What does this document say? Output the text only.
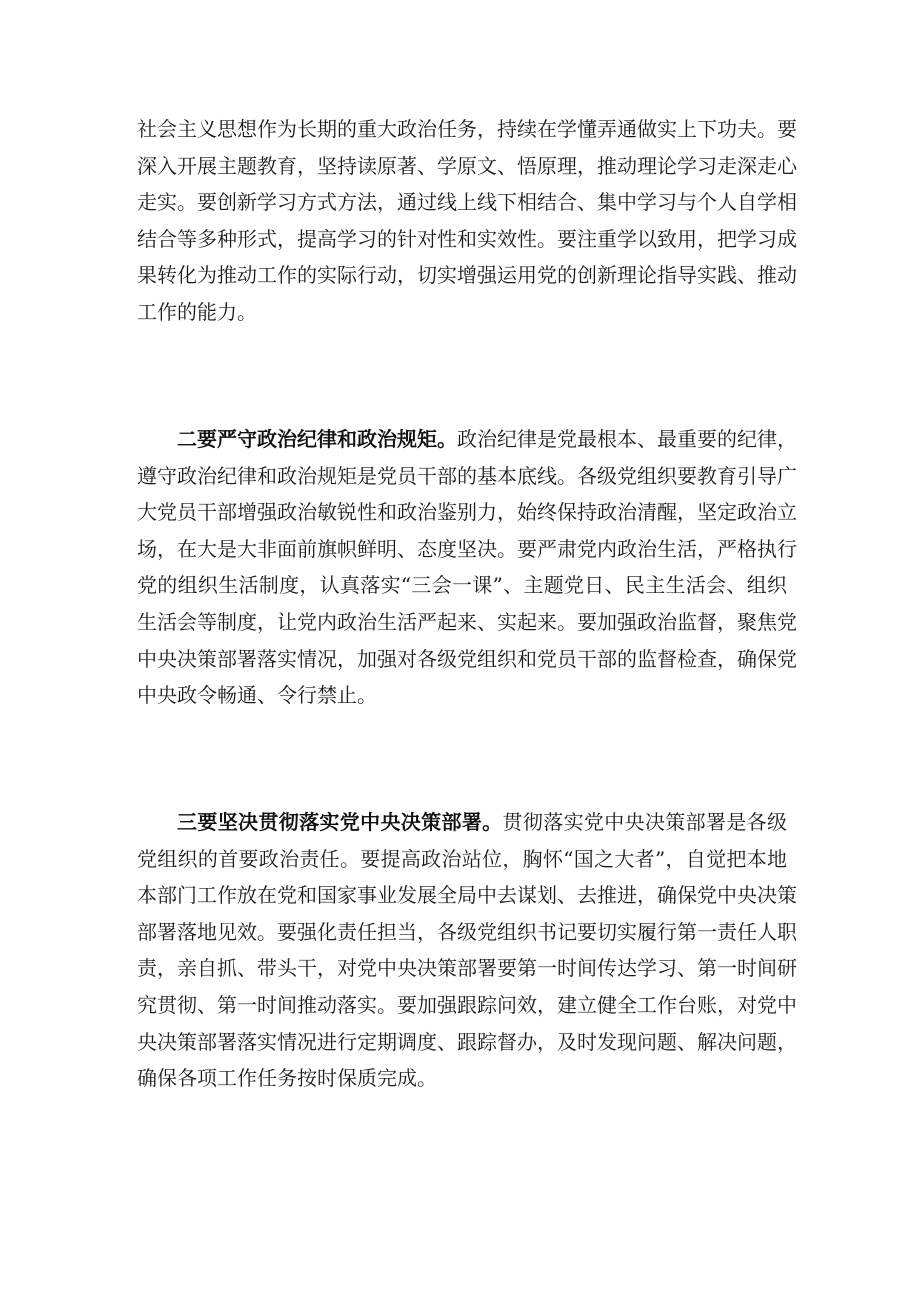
社会主义思想作为长期的重大政治任务，持续在学懂弄通做实上下功夫。要
深入开展主题教育，坚持读原著、学原文、悟原理，推动理论学习走深走心
走实。要创新学习方式方法，通过线上线下相结合、集中学习与个人自学相
结合等多种形式，提高学习的针对性和实效性。要注重学以致用，把学习成
果转化为推动工作的实际行动，切实增强运用党的创新理论指导实践、推动
工作的能力。
二要严守政治纪律和政治规矩。政治纪律是党最根本、最重要的纪律，
遵守政治纪律和政治规矩是党员干部的基本底线。各级党组织要教育引导广
大党员干部增强政治敏锐性和政治鉴别力，始终保持政治清醒，坚定政治立
场，在大是大非面前旗帜鲜明、态度坚决。要严肃党内政治生活，严格执行
党的组织生活制度，认真落实“三会一课”、主题党日、民主生活会、组织
生活会等制度，让党内政治生活严起来、实起来。要加强政治监督，聚焦党
中央决策部署落实情况，加强对各级党组织和党员干部的监督检查，确保党
中央政令畅通、令行禁止。
三要坚决贯彻落实党中央决策部署。贯彻落实党中央决策部署是各级
党组织的首要政治责任。要提高政治站位，胸怀“国之大者”，自觉把本地
本部门工作放在党和国家事业发展全局中去谋划、去推进，确保党中央决策
部署落地见效。要强化责任担当，各级党组织书记要切实履行第一责任人职
责，亲自抓、带头干，对党中央决策部署要第一时间传达学习、第一时间研
究贯彻、第一时间推动落实。要加强跟踪问效，建立健全工作台账，对党中
央决策部署落实情况进行定期调度、跟踪督办，及时发现问题、解决问题，
确保各项工作任务按时保质完成。
